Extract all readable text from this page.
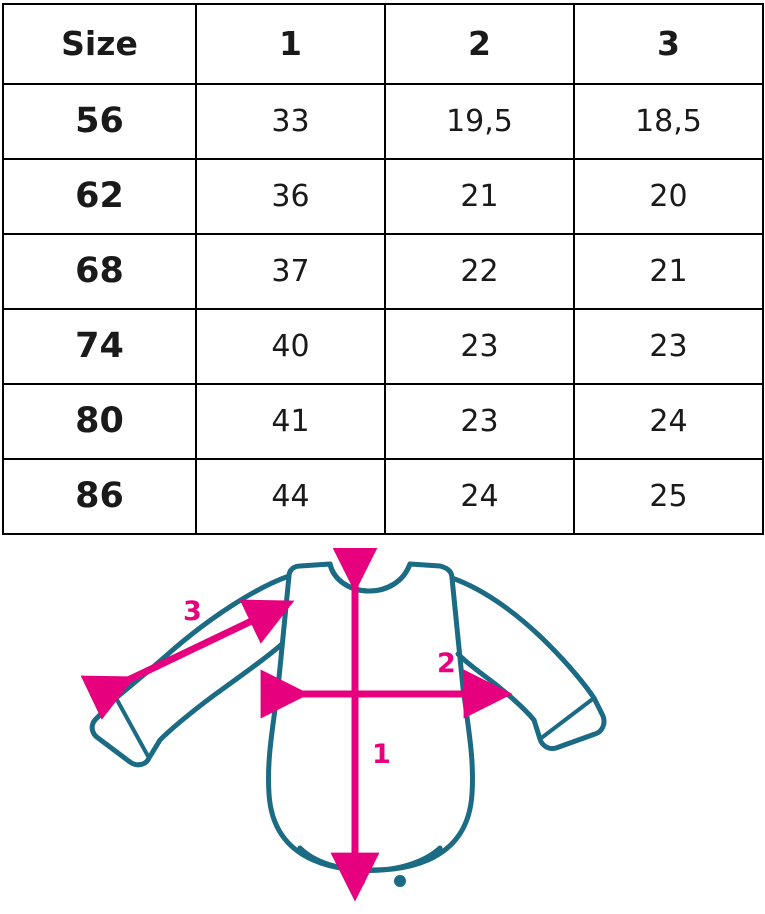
Size	1	2	3
56	33	19,5	18,5
62	36	21	20
68	37	22	21
74	40	23	23
80	41	23	24
86	44	24	25
1
2
3
